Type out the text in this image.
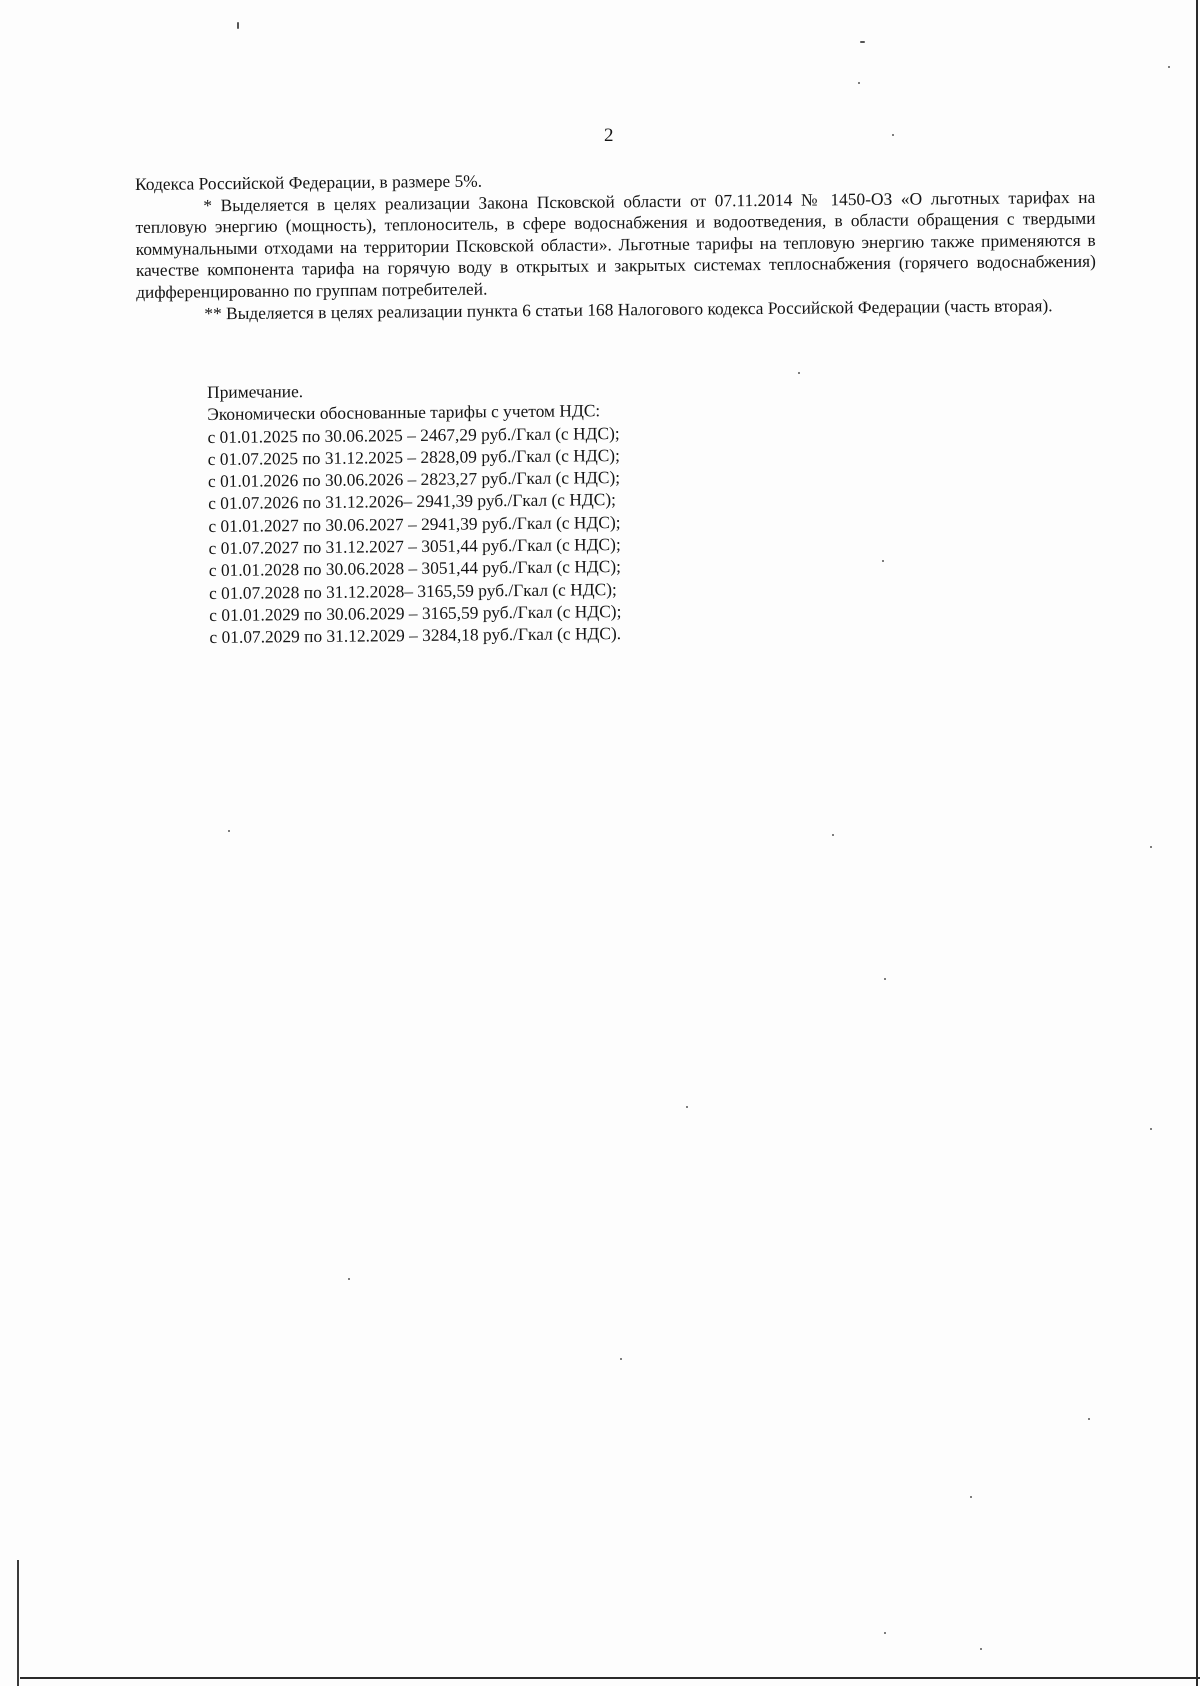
2

Кодекса Российской Федерации, в размере 5%.

* Выделяется в целях реализации Закона Псковской области от 07.11.2014 № 1450-ОЗ «О льготных тарифах на тепловую энергию (мощность), теплоноситель, в сфере водоснабжения и водоотведения, в области обращения с твердыми коммунальными отходами на территории Псковской области». Льготные тарифы на тепловую энергию также применяются в качестве компонента тарифа на горячую воду в открытых и закрытых системах теплоснабжения (горячего водоснабжения) дифференцированно по группам потребителей.

** Выделяется в целях реализации пункта 6 статьи 168 Налогового кодекса Российской Федерации (часть вторая).

Примечание.
Экономически обоснованные тарифы с учетом НДС:
с 01.01.2025 по 30.06.2025 – 2467,29 руб./Гкал (с НДС);
с 01.07.2025 по 31.12.2025 – 2828,09 руб./Гкал (с НДС);
с 01.01.2026 по 30.06.2026 – 2823,27 руб./Гкал (с НДС);
с 01.07.2026 по 31.12.2026– 2941,39 руб./Гкал (с НДС);
с 01.01.2027 по 30.06.2027 – 2941,39 руб./Гкал (с НДС);
с 01.07.2027 по 31.12.2027 – 3051,44 руб./Гкал (с НДС);
с 01.01.2028 по 30.06.2028 – 3051,44 руб./Гкал (с НДС);
с 01.07.2028 по 31.12.2028– 3165,59 руб./Гкал (с НДС);
с 01.01.2029 по 30.06.2029 – 3165,59 руб./Гкал (с НДС);
с 01.07.2029 по 31.12.2029 – 3284,18 руб./Гкал (с НДС).
